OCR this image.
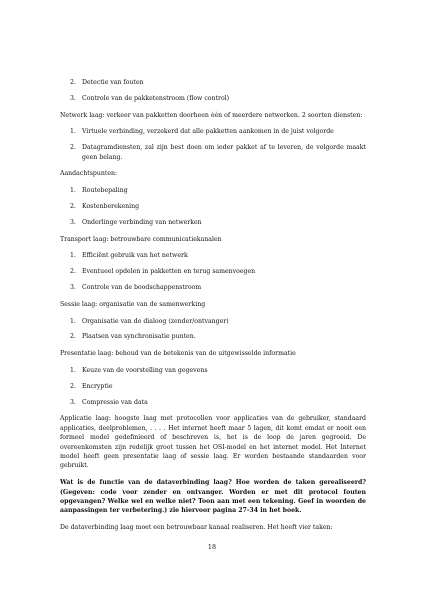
2. Detectie van fouten
3. Controle van de pakketenstroom (flow control)

Netwerk laag: verkeer van pakketten doorheen één of meerdere netwerken. 2 soorten diensten:

1. Virtuele verbinding, verzekerd dat alle pakketten aankomen in de juist volgorde
2. Datagramdiensten, zal zijn best doen om ieder pakket af te leveren, de volgorde maakt geen belang.

Aandachtspunten:

1. Routebepaling
2. Kostenberekening
3. Onderlinge verbinding van netwerken

Transport laag: betrouwbare communicatiekanalen

1. Efficiënt gebruik van het netwerk
2. Eventueel opdelen in pakketten en terug samenvoegen
3. Controle van de boodschappenstroom

Sessie laag: organisatie van de samenwerking

1. Organisatie van de dialoog (zender/ontvanger)
2. Plaatsen van synchronisatie punten.

Presentatie laag: behoud van de betekenis van de uitgewisselde informatie

1. Keuze van de voorstelling van gegevens
2. Encryptie
3. Compressie van data

Applicatie laag: hoogste laag met protocollen voor applicaties van de gebruiker, standaard applicaties, deelproblemen, . . . . Het internet heeft maar 5 lagen, dit komt omdat er nooit een formeel model gedefinieerd of beschreven is, het is de loop de jaren gegroeid. De overeenkomsten zijn redelijk groot tussen het OSI-model en het internet model. Het Internet model heeft geen presentatie laag of sessie laag. Er worden bestaande standaarden voor gebruikt.

Wat is de functie van de dataverbinding laag? Hoe worden de taken gerealiseerd? (Gegeven: code voor zender en ontvanger. Worden er met dit protocol fouten opgevangen? Welke wel en welke niet? Toon aan met een tekening. Geef in woorden de aanpassingen ter verbetering.) zie hiervoor pagina 27-34 in het boek.

De dataverbinding laag moet een betrouwbaar kanaal realiseren. Het heeft vier taken:

18
